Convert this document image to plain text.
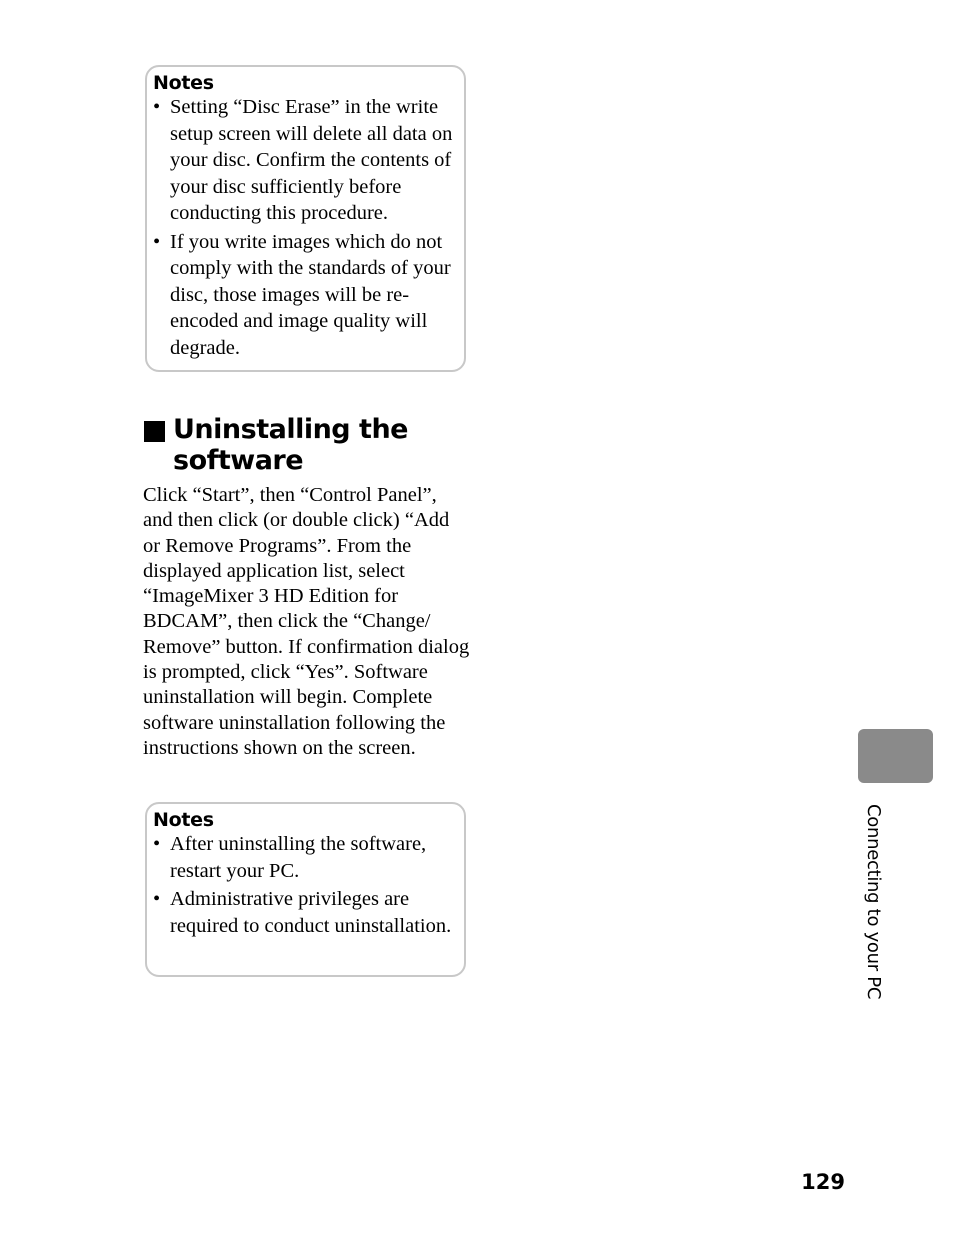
Notes
• Setting “Disc Erase” in the write setup screen will delete all data on your disc. Confirm the contents of your disc sufficiently before conducting this procedure.
• If you write images which do not comply with the standards of your disc, those images will be re-encoded and image quality will degrade.
Uninstalling the software

Click “Start”, then “Control Panel”, and then click (or double click) “Add or Remove Programs”. From the displayed application list, select “ImageMixer 3 HD Edition for BDCAM”, then click the “Change/ Remove” button. If confirmation dialog is prompted, click “Yes”. Software uninstallation will begin. Complete software uninstallation following the instructions shown on the screen.

Notes
• After uninstalling the software, restart your PC.
• Administrative privileges are required to conduct uninstallation.	Connecting to your PC
129
